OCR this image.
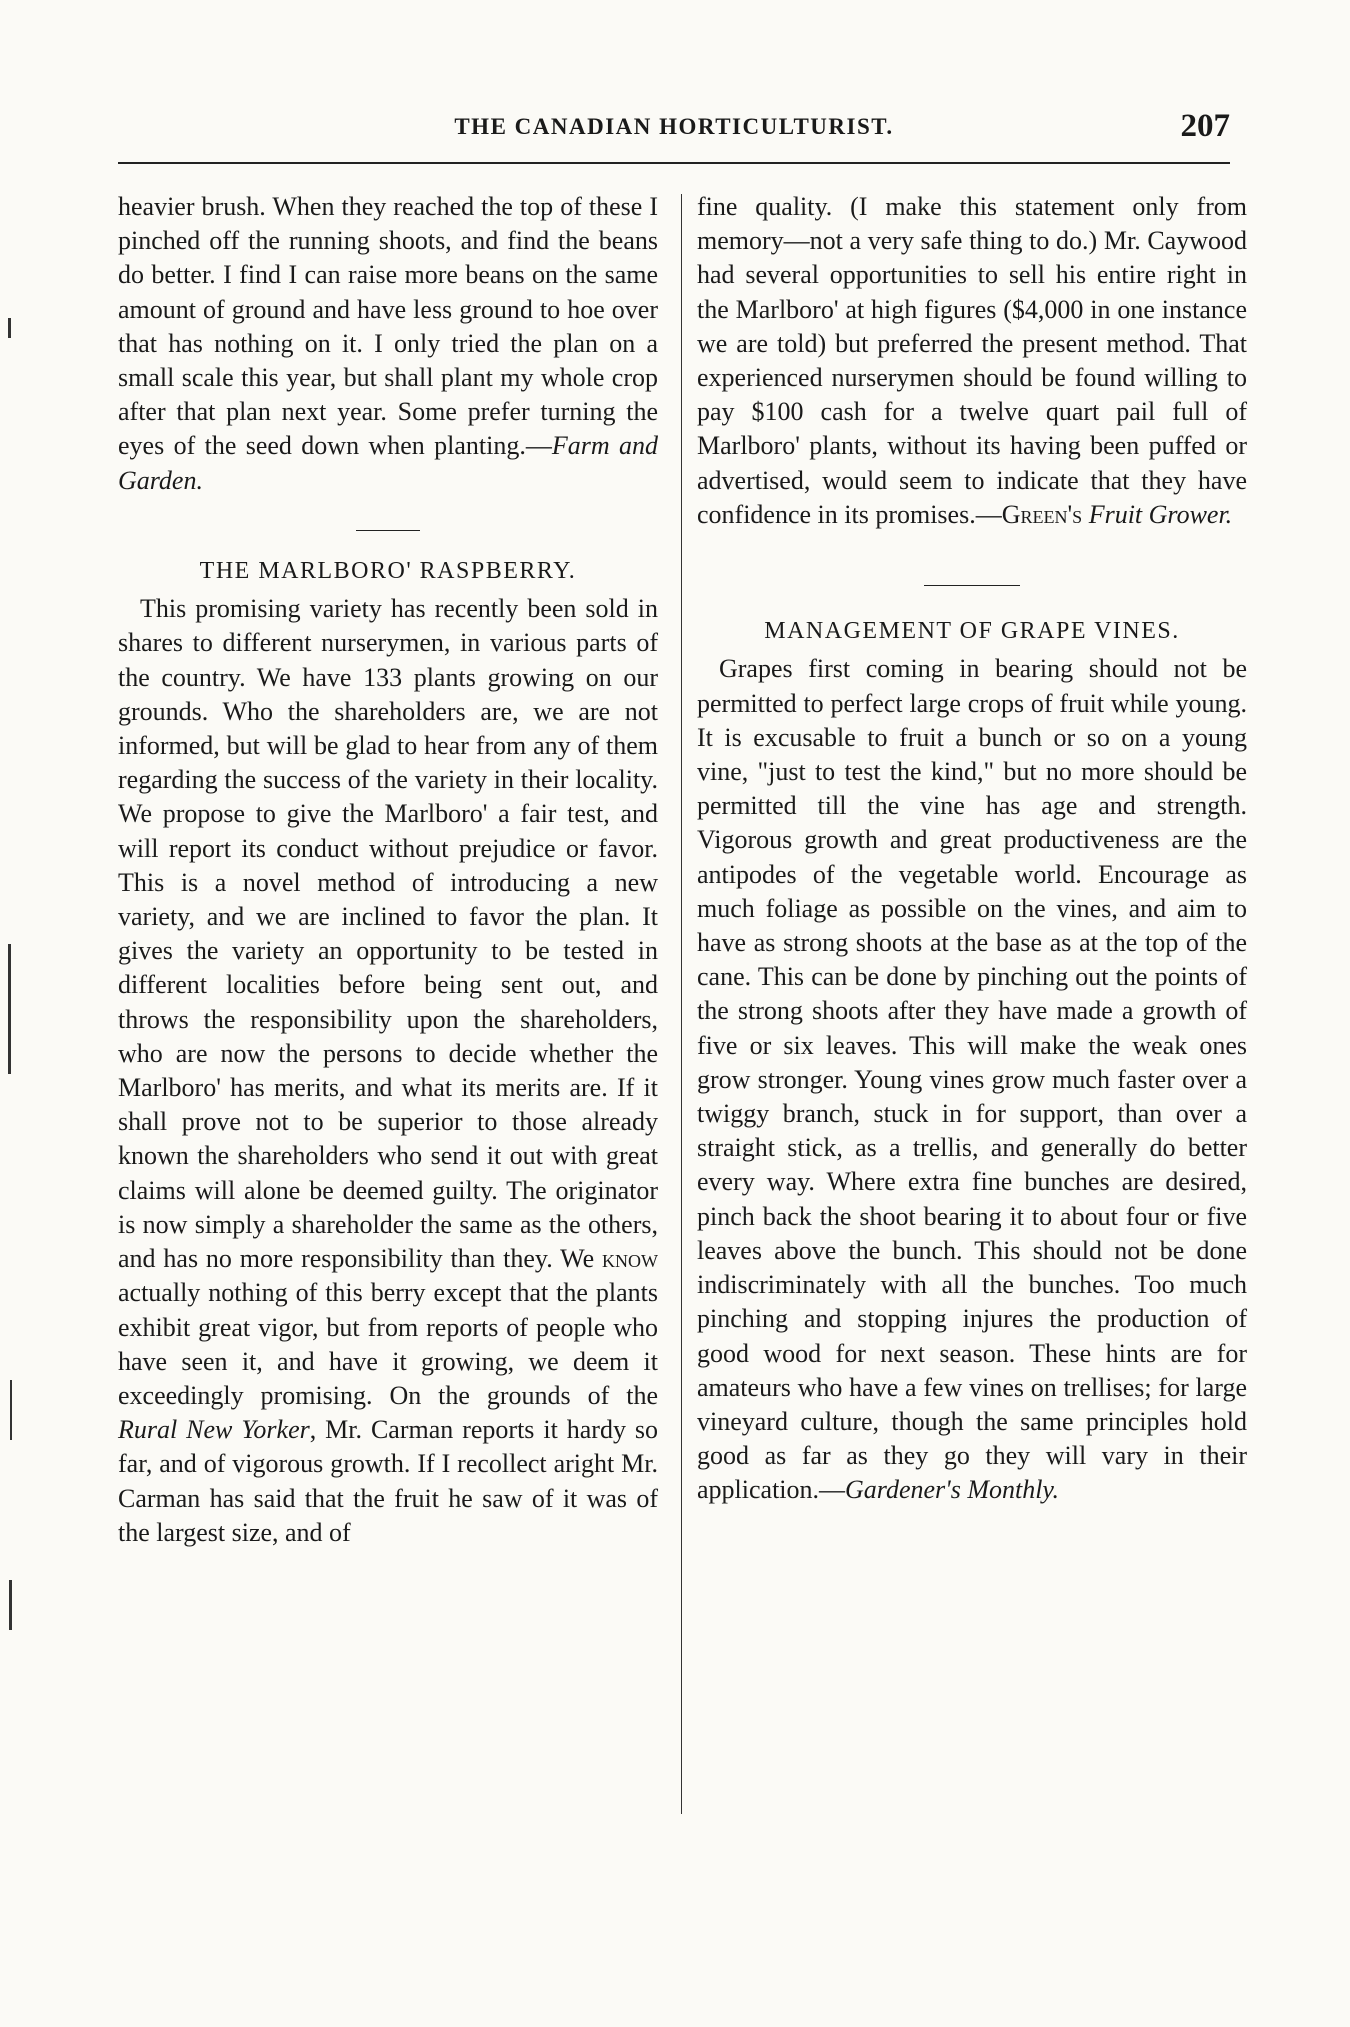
THE CANADIAN HORTICULTURIST.	207

heavier brush. When they reached the top of these I pinched off the running shoots, and find the beans do better. I find I can raise more beans on the same amount of ground and have less ground to hoe over that has nothing on it. I only tried the plan on a small scale this year, but shall plant my whole crop after that plan next year. Some prefer turning the eyes of the seed down when planting.—Farm and Garden.

THE MARLBORO' RASPBERRY.

This promising variety has recently been sold in shares to different nurserymen, in various parts of the country. We have 133 plants growing on our grounds. Who the shareholders are, we are not informed, but will be glad to hear from any of them regarding the success of the variety in their locality. We propose to give the Marlboro' a fair test, and will report its conduct without prejudice or favor. This is a novel method of introducing a new variety, and we are inclined to favor the plan. It gives the variety an opportunity to be tested in different localities before being sent out, and throws the responsibility upon the shareholders, who are now the persons to decide whether the Marlboro' has merits, and what its merits are. If it shall prove not to be superior to those already known the shareholders who send it out with great claims will alone be deemed guilty. The originator is now simply a shareholder the same as the others, and has no more responsibility than they. We know actually nothing of this berry except that the plants exhibit great vigor, but from reports of people who have seen it, and have it growing, we deem it exceedingly promising. On the grounds of the Rural New Yorker, Mr. Carman reports it hardy so far, and of vigorous growth. If I recollect aright Mr. Carman has said that the fruit he saw of it was of the largest size, and of

fine quality. (I make this statement only from memory—not a very safe thing to do.) Mr. Caywood had several opportunities to sell his entire right in the Marlboro' at high figures ($4,000 in one instance we are told) but preferred the present method. That experienced nurserymen should be found willing to pay $100 cash for a twelve quart pail full of Marlboro' plants, without its having been puffed or advertised, would seem to indicate that they have confidence in its promises.—Green's Fruit Grower.

MANAGEMENT OF GRAPE VINES.

Grapes first coming in bearing should not be permitted to perfect large crops of fruit while young. It is excusable to fruit a bunch or so on a young vine, "just to test the kind," but no more should be permitted till the vine has age and strength. Vigorous growth and great productiveness are the antipodes of the vegetable world. Encourage as much foliage as possible on the vines, and aim to have as strong shoots at the base as at the top of the cane. This can be done by pinching out the points of the strong shoots after they have made a growth of five or six leaves. This will make the weak ones grow stronger. Young vines grow much faster over a twiggy branch, stuck in for support, than over a straight stick, as a trellis, and generally do better every way. Where extra fine bunches are desired, pinch back the shoot bearing it to about four or five leaves above the bunch. This should not be done indiscriminately with all the bunches. Too much pinching and stopping injures the production of good wood for next season. These hints are for amateurs who have a few vines on trellises; for large vineyard culture, though the same principles hold good as far as they go they will vary in their application.—Gardener's Monthly.
